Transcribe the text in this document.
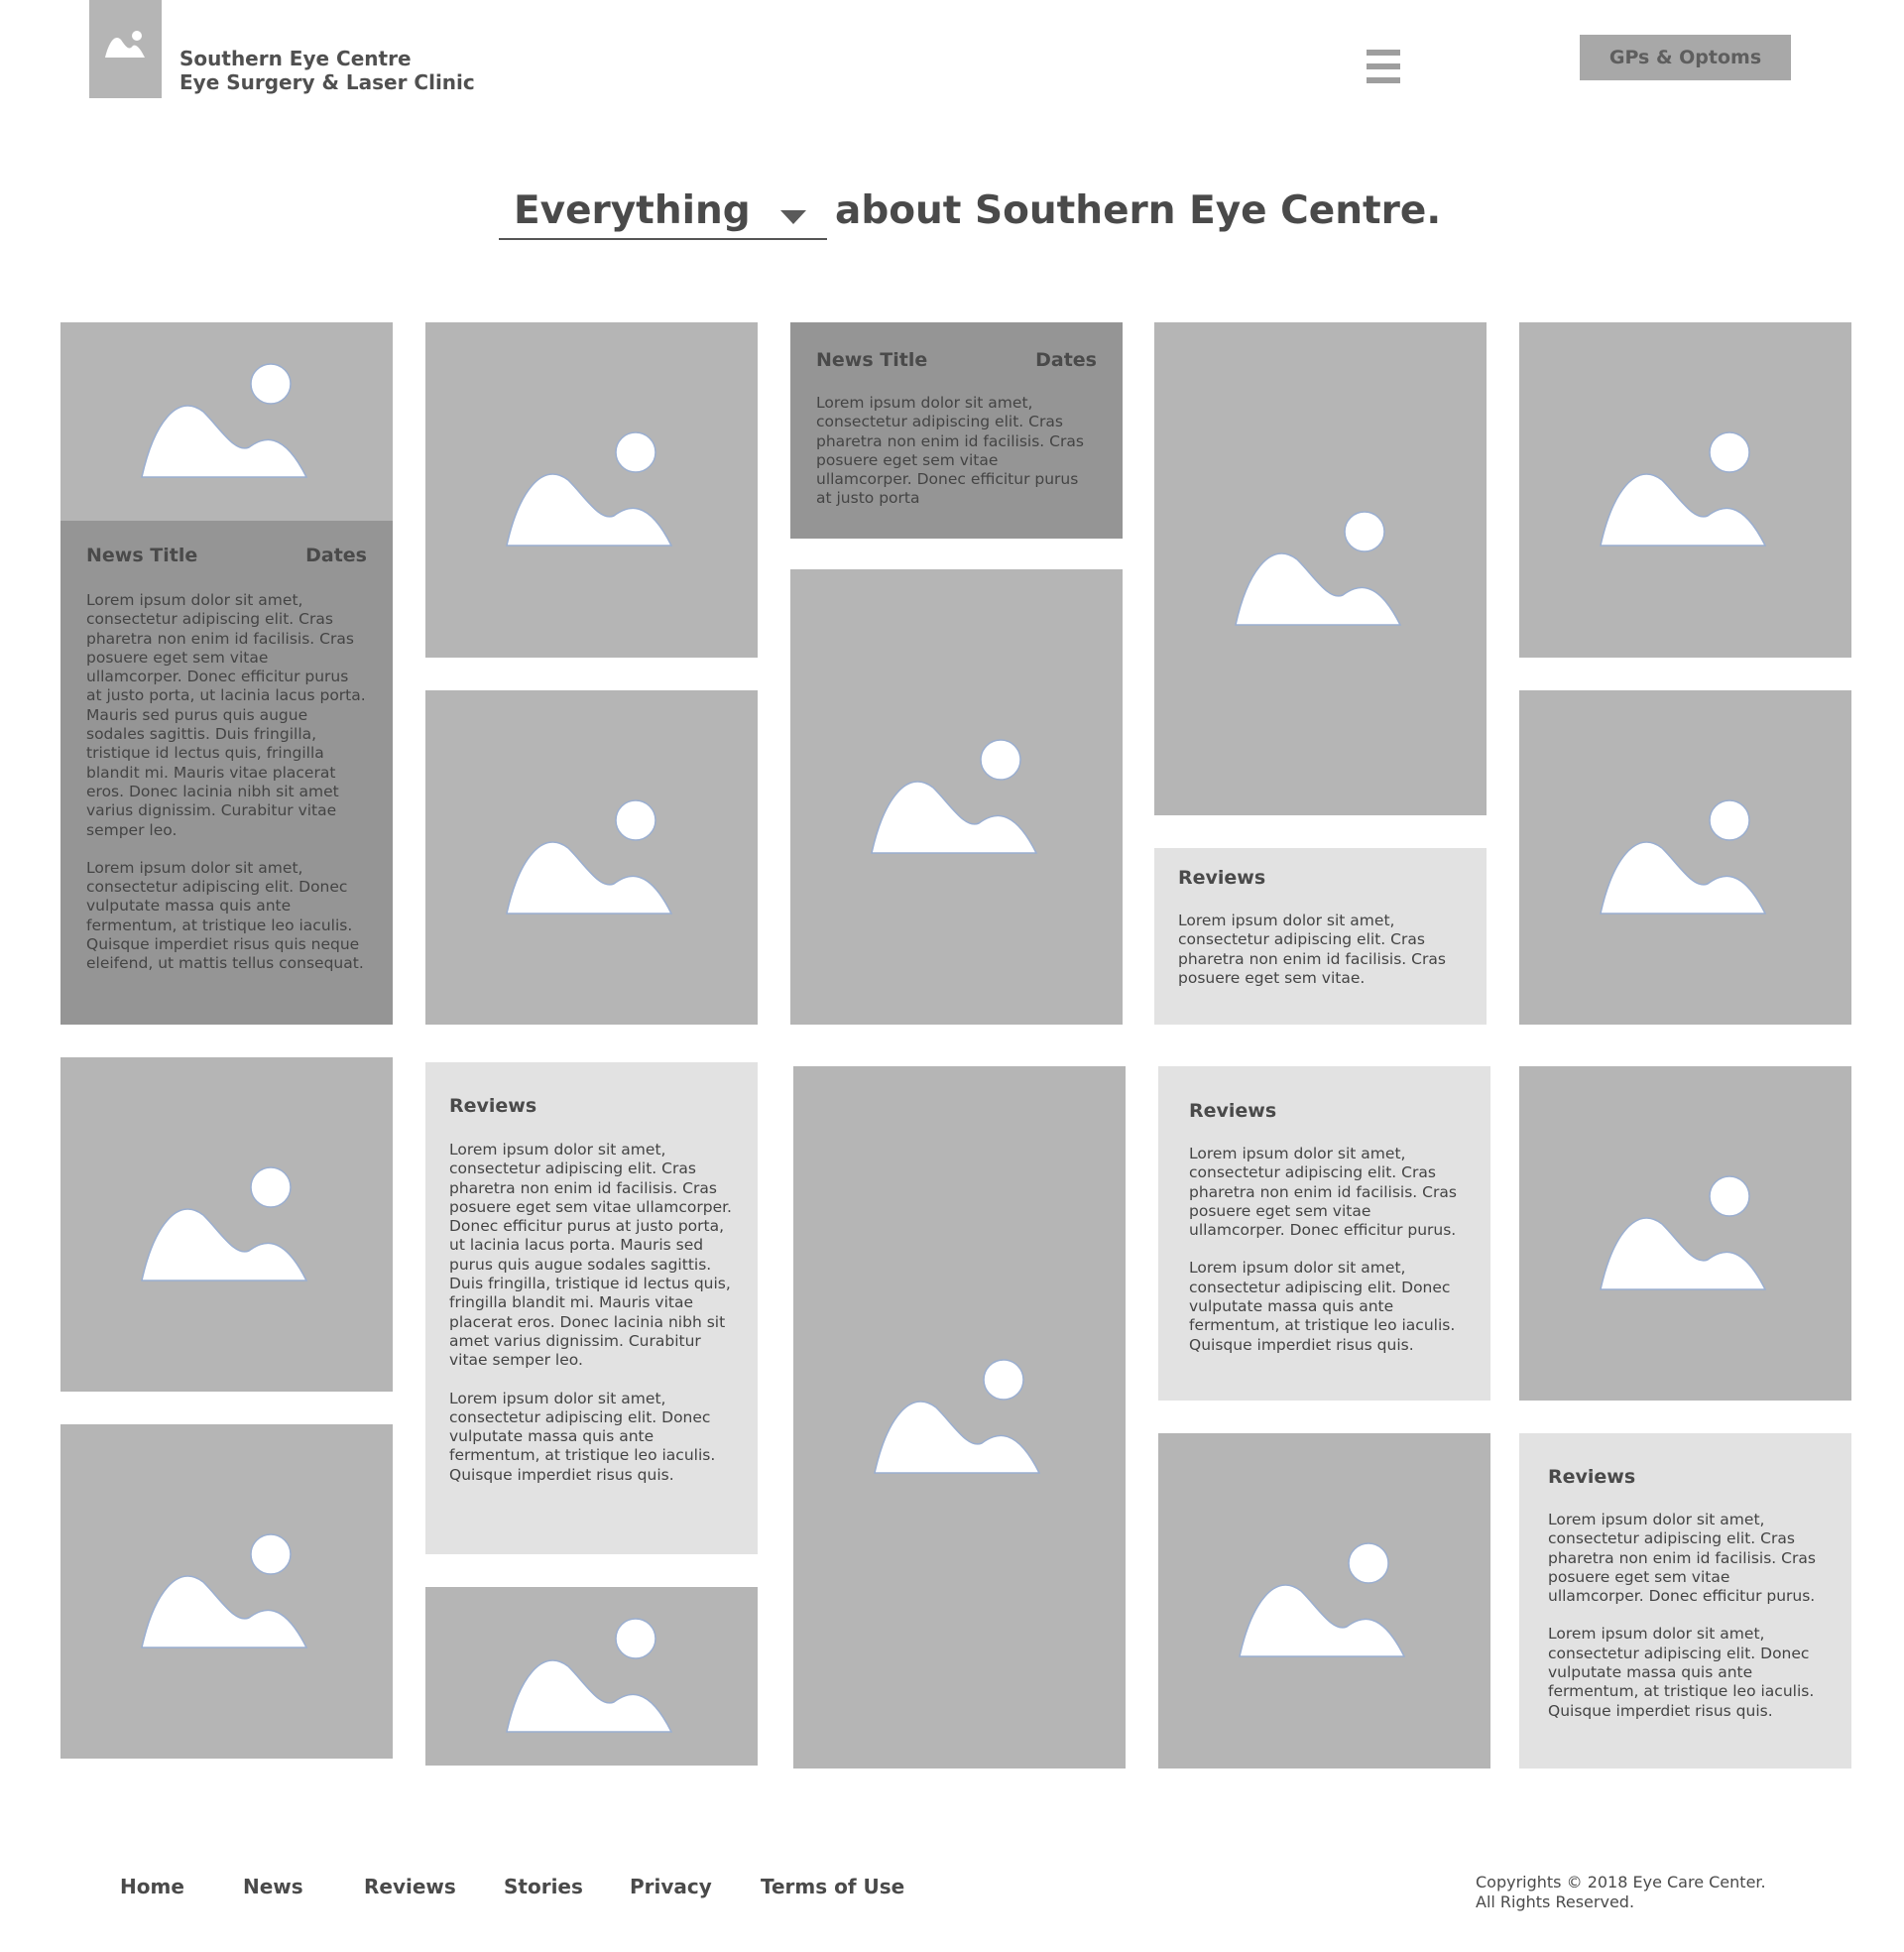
Southern Eye Centre
Eye Surgery & Laser Clinic
GPs & Optoms
Everything about Southern Eye Centre.
News Title	Dates

Lorem ipsum dolor sit amet, consectetur adipiscing elit. Cras pharetra non enim id facilisis. Cras posuere eget sem vitae ullamcorper. Donec efficitur purus at justo porta, ut lacinia lacus porta. Mauris sed purus quis augue sodales sagittis. Duis fringilla, tristique id lectus quis, fringilla blandit mi. Mauris vitae placerat eros. Donec lacinia nibh sit amet varius dignissim. Curabitur vitae semper leo.

Lorem ipsum dolor sit amet, consectetur adipiscing elit. Donec vulputate massa quis ante fermentum, at tristique leo iaculis. Quisque imperdiet risus quis neque eleifend, ut mattis tellus consequat.

Reviews

Lorem ipsum dolor sit amet, consectetur adipiscing elit. Cras pharetra non enim id facilisis. Cras posuere eget sem vitae ullamcorper. Donec efficitur purus at justo porta, ut lacinia lacus porta. Mauris sed purus quis augue sodales sagittis. Duis fringilla, tristique id lectus quis, fringilla blandit mi. Mauris vitae placerat eros. Donec lacinia nibh sit amet varius dignissim. Curabitur vitae semper leo.

Lorem ipsum dolor sit amet, consectetur adipiscing elit. Donec vulputate massa quis ante fermentum, at tristique leo iaculis. Quisque imperdiet risus quis.

News Title	Dates

Lorem ipsum dolor sit amet, consectetur adipiscing elit. Cras pharetra non enim id facilisis. Cras posuere eget sem vitae ullamcorper. Donec efficitur purus at justo porta

Reviews

Lorem ipsum dolor sit amet, consectetur adipiscing elit. Cras pharetra non enim id facilisis. Cras posuere eget sem vitae.

Reviews

Lorem ipsum dolor sit amet, consectetur adipiscing elit. Cras pharetra non enim id facilisis. Cras posuere eget sem vitae ullamcorper. Donec efficitur purus.

Lorem ipsum dolor sit amet, consectetur adipiscing elit. Donec vulputate massa quis ante fermentum, at tristique leo iaculis. Quisque imperdiet risus quis.

Reviews

Lorem ipsum dolor sit amet, consectetur adipiscing elit. Cras pharetra non enim id facilisis. Cras posuere eget sem vitae ullamcorper. Donec efficitur purus.

Lorem ipsum dolor sit amet, consectetur adipiscing elit. Donec vulputate massa quis ante fermentum, at tristique leo iaculis. Quisque imperdiet risus quis.

Home	News	Reviews Stories Privacy Terms of Use	Copyrights © 2018 Eye Care Center.
All Rights Reserved.
